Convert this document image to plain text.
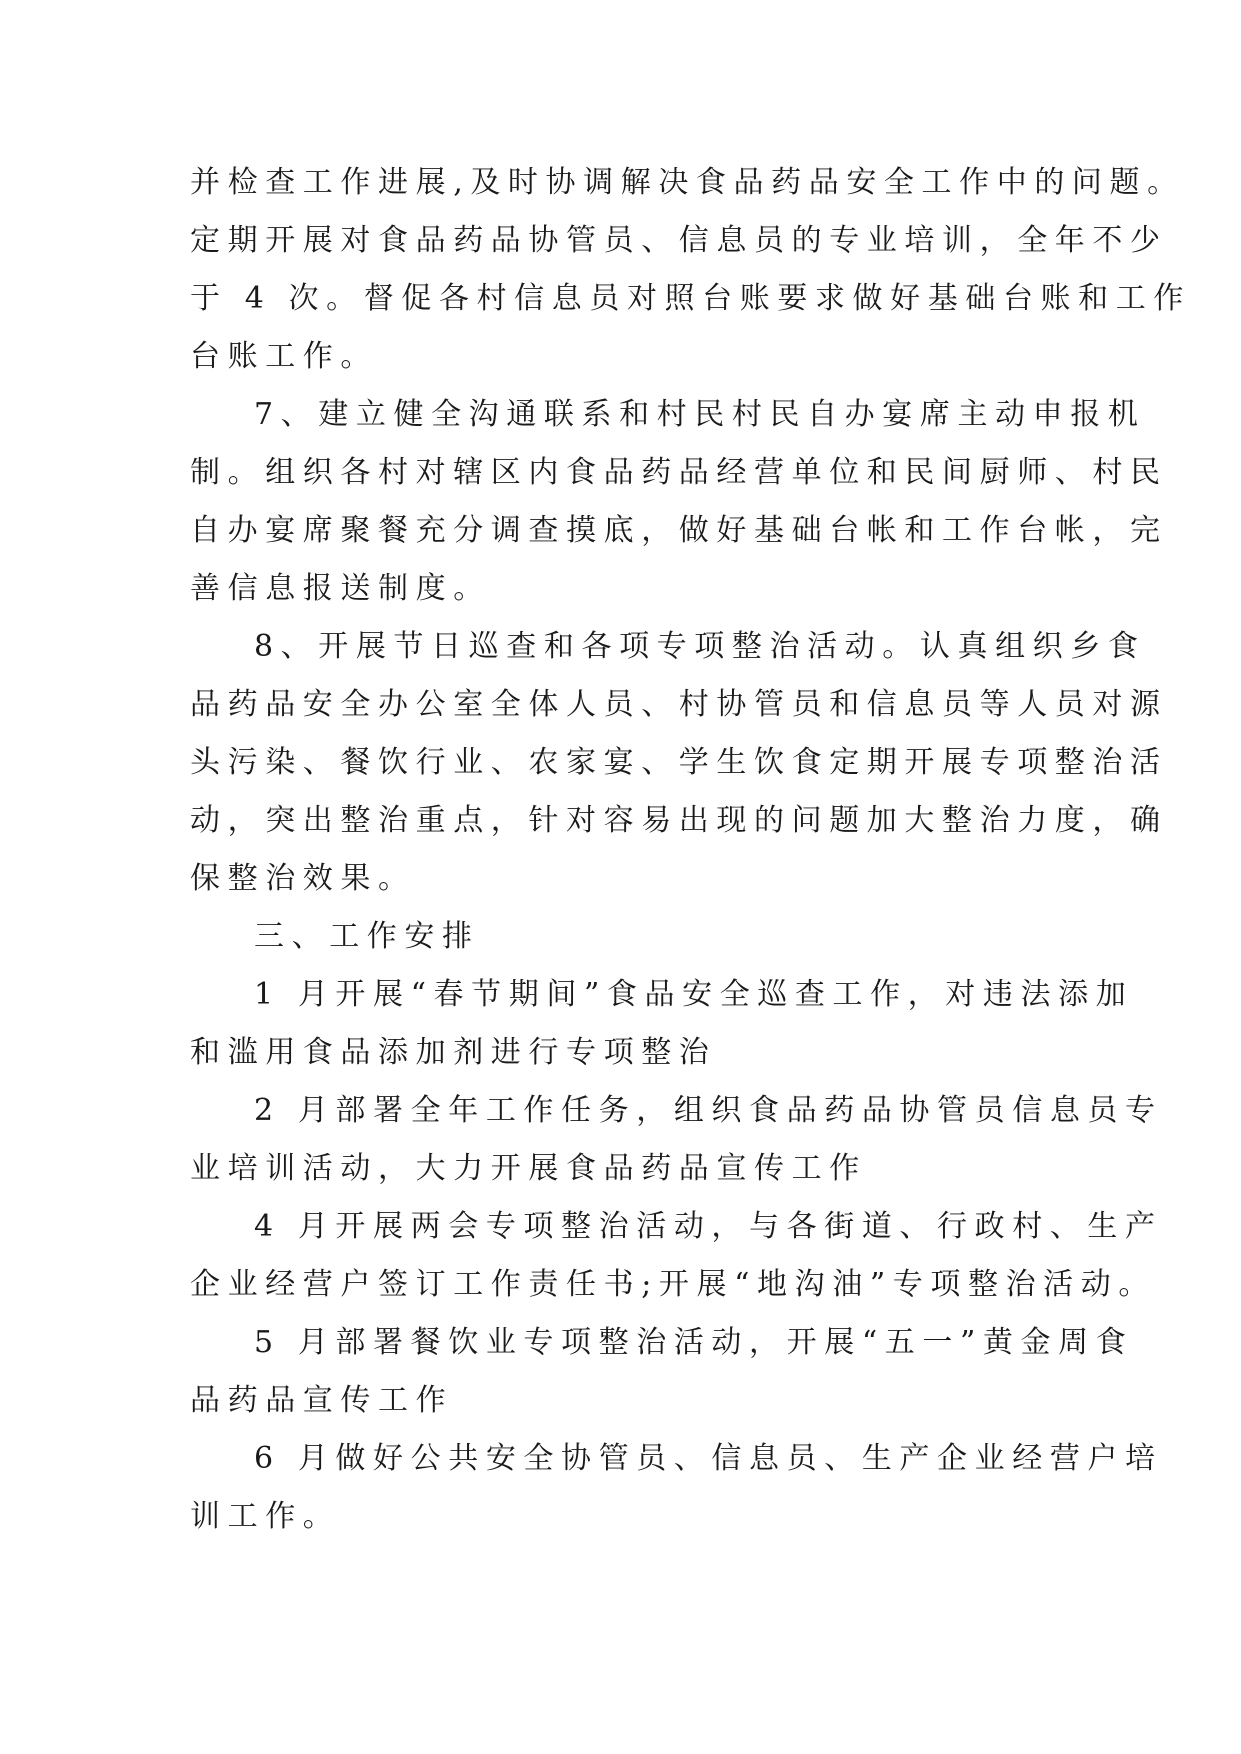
并检查工作进展,及时协调解决食品药品安全工作中的问题。
定期开展对食品药品协管员、信息员的专业培训，全年不少
于 4 次。督促各村信息员对照台账要求做好基础台账和工作
台账工作。
7、建立健全沟通联系和村民村民自办宴席主动申报机
制。组织各村对辖区内食品药品经营单位和民间厨师、村民
自办宴席聚餐充分调查摸底，做好基础台帐和工作台帐，完
善信息报送制度。
8、开展节日巡查和各项专项整治活动。认真组织乡食
品药品安全办公室全体人员、村协管员和信息员等人员对源
头污染、餐饮行业、农家宴、学生饮食定期开展专项整治活
动，突出整治重点，针对容易出现的问题加大整治力度，确
保整治效果。
三、工作安排
1 月开展“春节期间”食品安全巡查工作，对违法添加
和滥用食品添加剂进行专项整治
2 月部署全年工作任务，组织食品药品协管员信息员专
业培训活动，大力开展食品药品宣传工作
4 月开展两会专项整治活动，与各街道、行政村、生产
企业经营户签订工作责任书;开展“地沟油”专项整治活动。
5 月部署餐饮业专项整治活动，开展“五一”黄金周食
品药品宣传工作
6 月做好公共安全协管员、信息员、生产企业经营户培
训工作。
